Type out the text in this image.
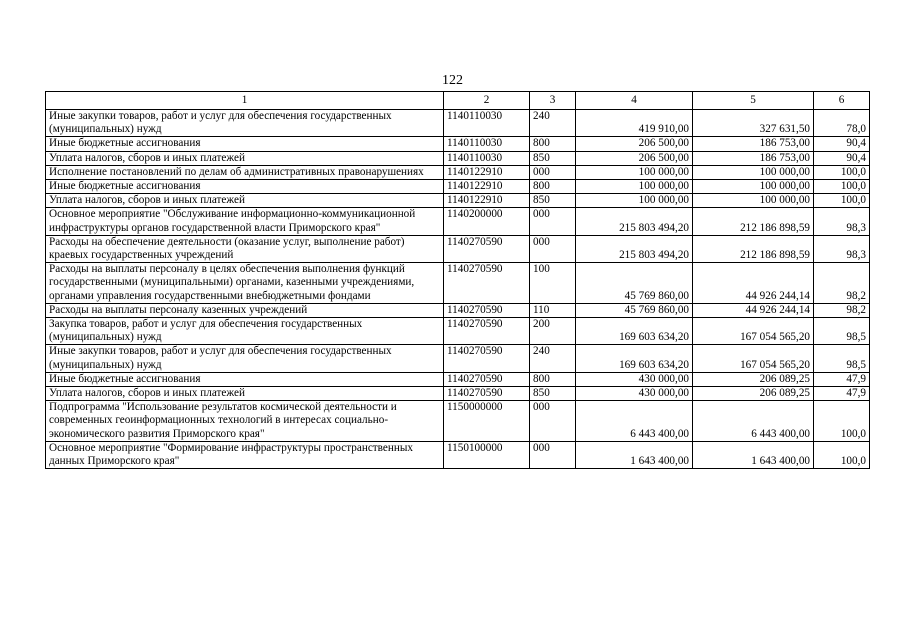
122
1	2	3	4	5	6
Иные закупки товаров, работ и услуг для обеспечения государственных (муниципальных) нужд	1140110030	240	419 910,00	327 631,50	78,0
Иные бюджетные ассигнования	1140110030	800	206 500,00	186 753,00	90,4
Уплата налогов, сборов и иных платежей	1140110030	850	206 500,00	186 753,00	90,4
Исполнение постановлений по делам об административных правонарушениях	1140122910	000	100 000,00	100 000,00	100,0
Иные бюджетные ассигнования	1140122910	800	100 000,00	100 000,00	100,0
Уплата налогов, сборов и иных платежей	1140122910	850	100 000,00	100 000,00	100,0
Основное мероприятие "Обслуживание информационно-коммуникационной инфраструктуры органов государственной власти Приморского края"	1140200000	000	215 803 494,20	212 186 898,59	98,3
Расходы на обеспечение деятельности (оказание услуг, выполнение работ) краевых государственных учреждений	1140270590	000	215 803 494,20	212 186 898,59	98,3
Расходы на выплаты персоналу в целях обеспечения выполнения функций государственными (муниципальными) органами, казенными учреждениями, органами управления государственными внебюджетными фондами	1140270590	100	45 769 860,00	44 926 244,14	98,2
Расходы на выплаты персоналу казенных учреждений	1140270590	110	45 769 860,00	44 926 244,14	98,2
Закупка товаров, работ и услуг для обеспечения государственных (муниципальных) нужд	1140270590	200	169 603 634,20	167 054 565,20	98,5
Иные закупки товаров, работ и услуг для обеспечения государственных (муниципальных) нужд	1140270590	240	169 603 634,20	167 054 565,20	98,5
Иные бюджетные ассигнования	1140270590	800	430 000,00	206 089,25	47,9
Уплата налогов, сборов и иных платежей	1140270590	850	430 000,00	206 089,25	47,9
Подпрограмма "Использование результатов космической деятельности и современных геоинформационных технологий в интересах социально-экономического развития Приморского края"	1150000000	000	6 443 400,00	6 443 400,00	100,0
Основное мероприятие "Формирование инфраструктуры пространственных данных Приморского края"	1150100000	000	1 643 400,00	1 643 400,00	100,0
